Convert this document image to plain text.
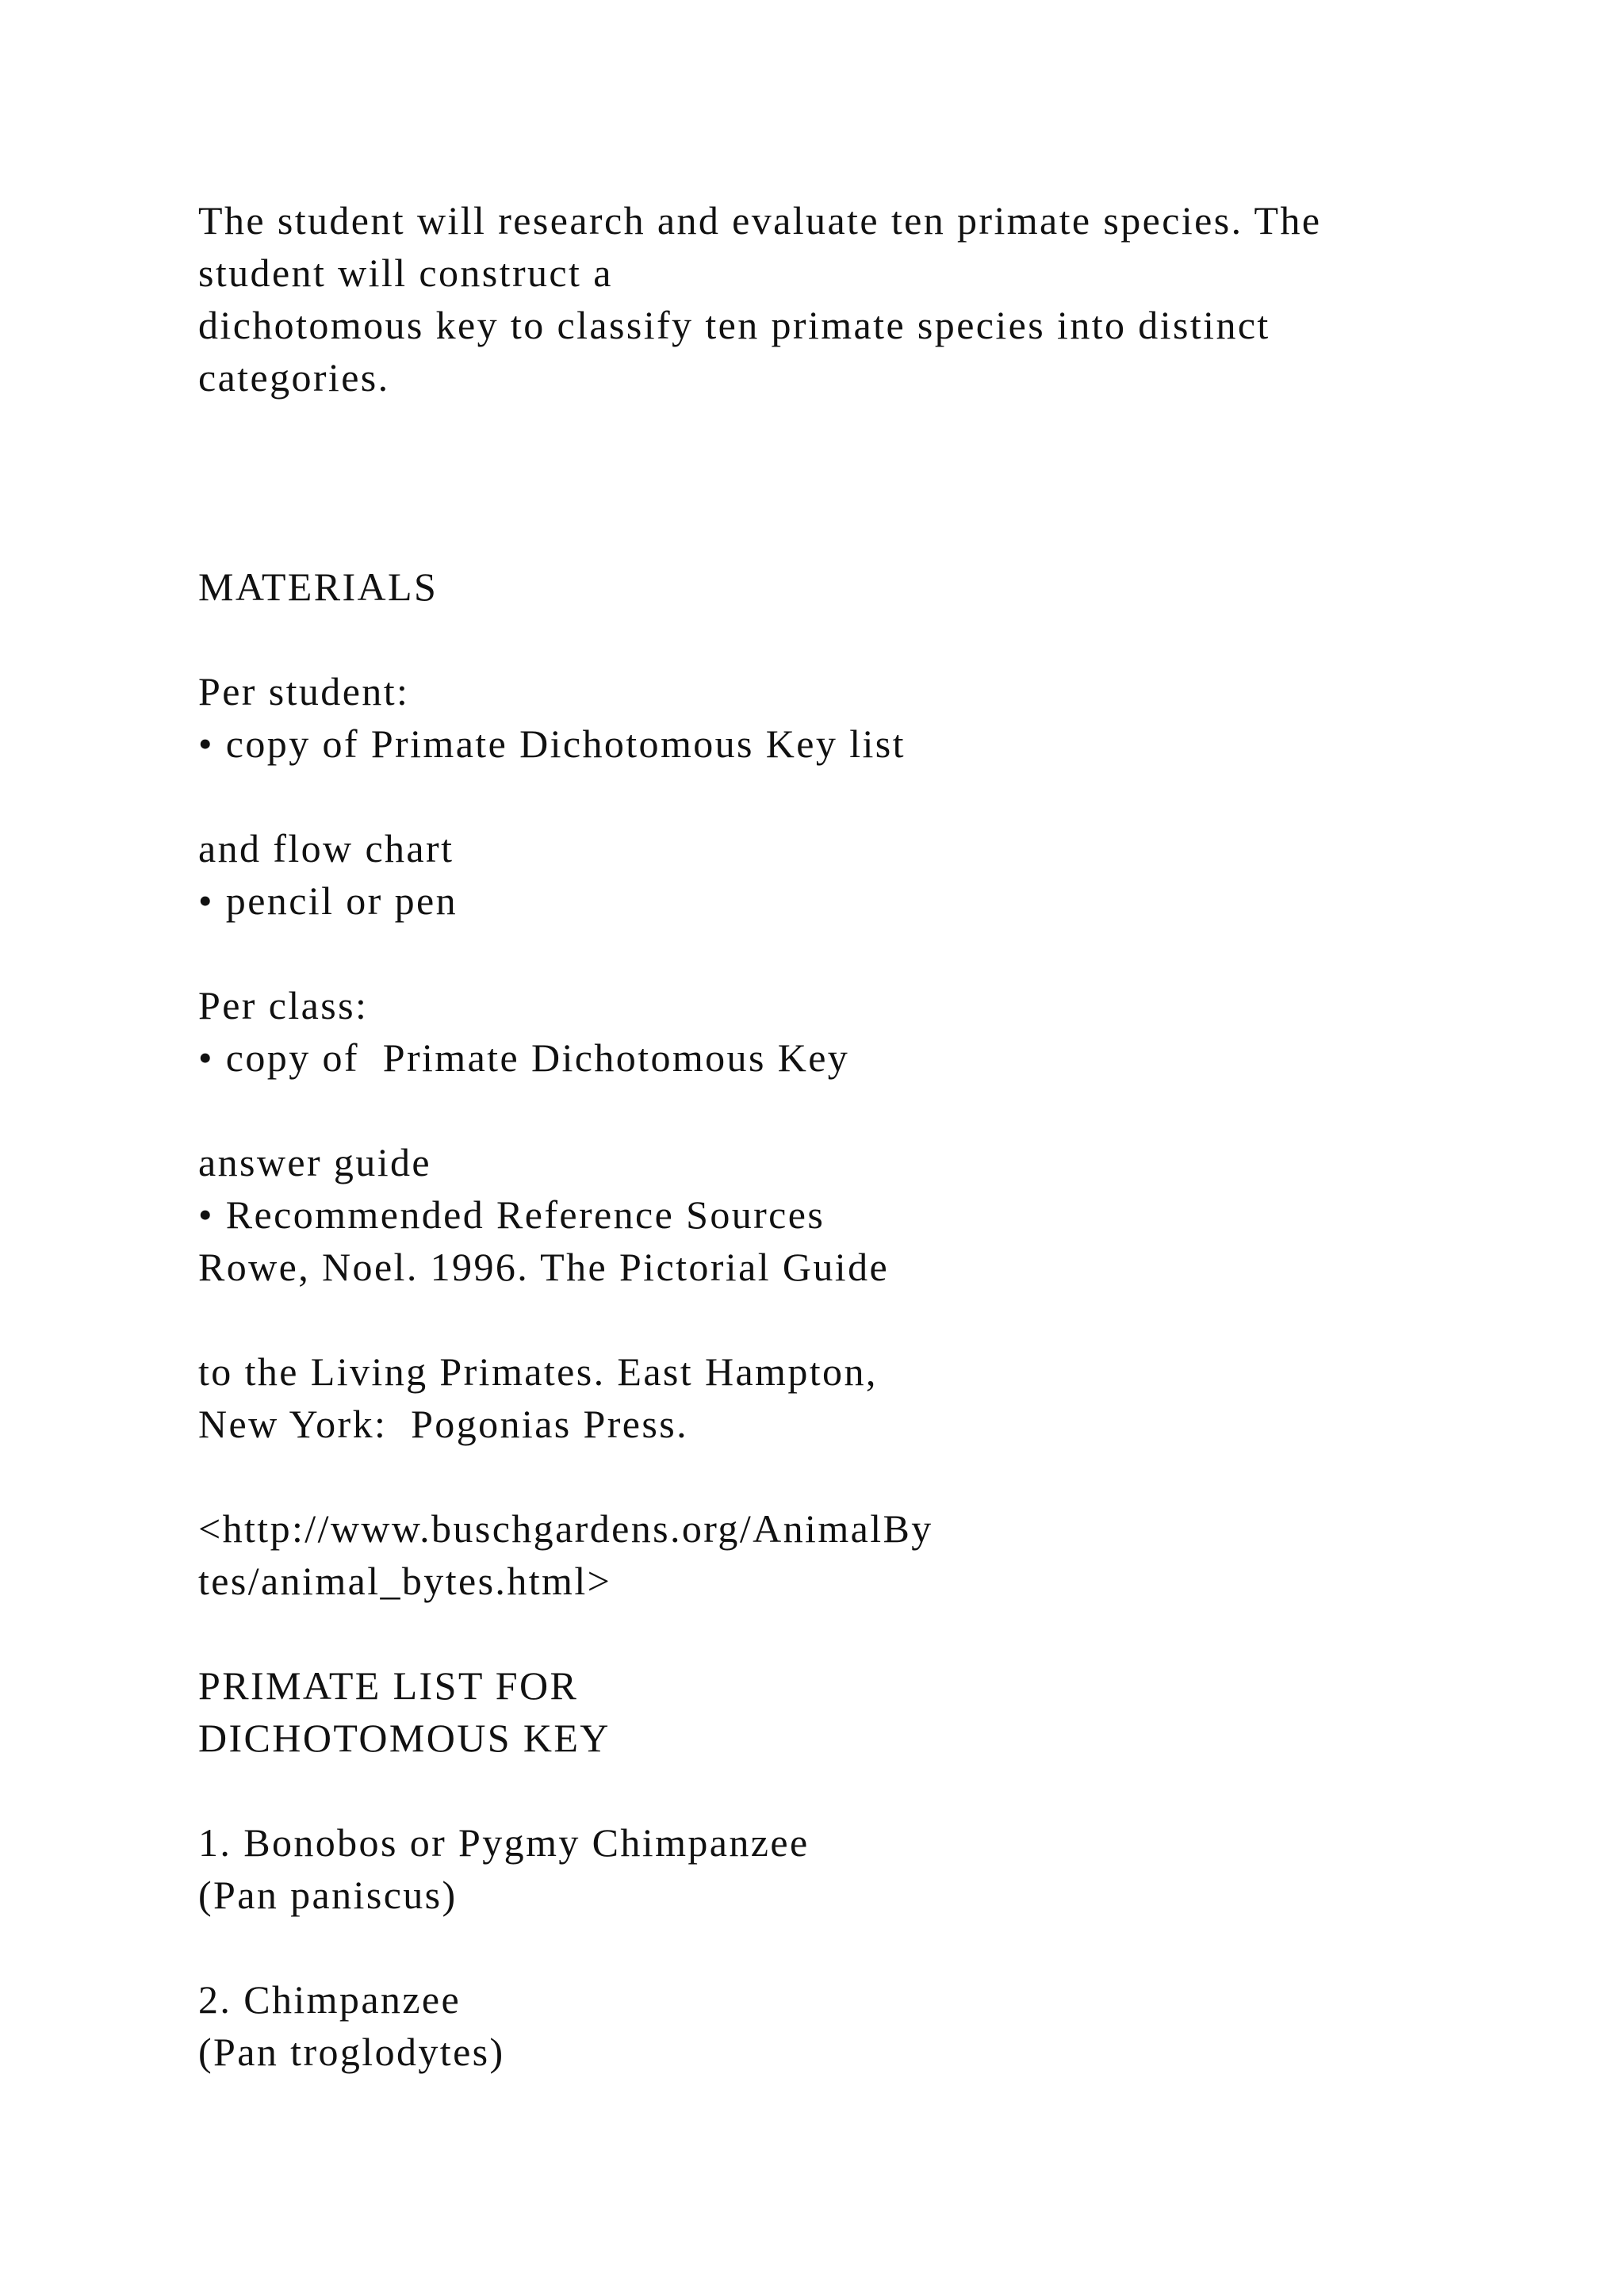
The student will research and evaluate ten primate species. The
student will construct a
dichotomous key to classify ten primate species into distinct
categories.
MATERIALS
Per student:
• copy of Primate Dichotomous Key list
and flow chart
• pencil or pen
Per class:
• copy of  Primate Dichotomous Key
answer guide
• Recommended Reference Sources
Rowe, Noel. 1996. The Pictorial Guide
to the Living Primates. East Hampton,
New York:  Pogonias Press.
<http://www.buschgardens.org/AnimalBy
tes/animal_bytes.html>
PRIMATE LIST FOR
DICHOTOMOUS KEY
1. Bonobos or Pygmy Chimpanzee
(Pan paniscus)
2. Chimpanzee
(Pan troglodytes)
